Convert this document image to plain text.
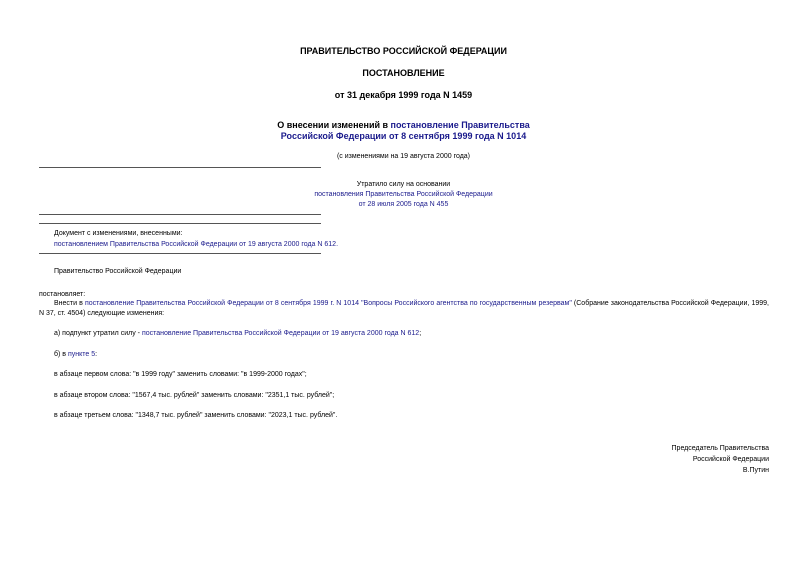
ПРАВИТЕЛЬСТВО РОССИЙСКОЙ ФЕДЕРАЦИИ
ПОСТАНОВЛЕНИЕ
от 31 декабря 1999 года N 1459
О внесении изменений в постановление Правительства
Российской Федерации от 8 сентября 1999 года N 1014
(с изменениями на 19 августа 2000 года)
Утратило силу на основании
постановления Правительства Российской Федерации
от 28 июля 2005 года N 455
Документ с изменениями, внесенными:
постановлением Правительства Российской Федерации от 19 августа 2000 года N 612.
Правительство Российской Федерации
постановляет:
Внести в постановление Правительства Российской Федерации от 8 сентября 1999 г. N 1014 "Вопросы Российского агентства по государственным резервам" (Собрание законодательства Российской Федерации, 1999, N 37, ст. 4504) следующие изменения:
а) подпункт утратил силу - постановление Правительства Российской Федерации от 19 августа 2000 года N 612;
б) в пункте 5:
в абзаце первом слова: "в 1999 году" заменить словами: "в 1999-2000 годах";
в абзаце втором слова: "1567,4 тыс. рублей" заменить словами: "2351,1 тыс. рублей";
в абзаце третьем слова: "1348,7 тыс. рублей" заменить словами: "2023,1 тыс. рублей".
Председатель Правительства
Российской Федерации
В.Путин
